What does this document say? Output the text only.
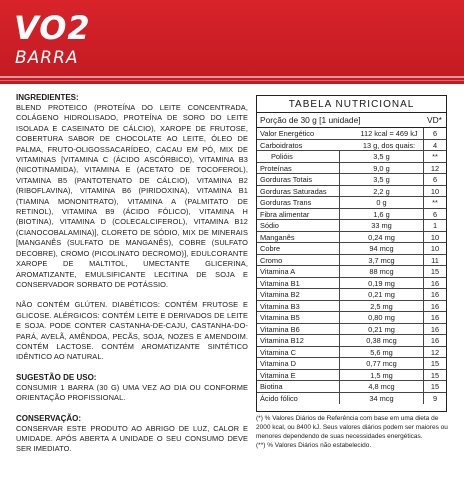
VO2
BARRA
INGREDIENTES:
BLEND PROTEICO (PROTEÍNA DO LEITE CONCENTRADA, COLÁGENO HIDROLISADO, PROTEÍNA DE SORO DO LEITE ISOLADA E CASEINATO DE CÁLCIO), XAROPE DE FRUTOSE, COBERTURA SABOR DE CHOCOLATE AO LEITE, ÓLEO DE PALMA, FRUTO-OLIGOSSACARÍDEO, CACAU EM PÓ, MIX DE VITAMINAS [VITAMINA C (ÁCIDO ASCÓRBICO), VITAMINA B3 (NICOTINAMIDA), VITAMINA E (ACETATO DE TOCOFEROL), VITAMINA B5 (PANTOTENATO DE CÁLCIO), VITAMINA B2 (RIBOFLAVINA), VITAMINA B6 (PIRIDOXINA), VITAMINA B1 (TIAMINA MONONITRATO), VITAMINA A (PALMITATO DE RETINOL), VITAMINA B9 (ÁCIDO FÓLICO), VITAMINA H (BIOTINA), VITAMINA D (COLECALCIFEROL), VITAMINA B12 (CIANOCOBALAMINA)], CLORETO DE SÓDIO, MIX DE MINERAIS [MANGANÊS (SULFATO DE MANGANÊS), COBRE (SULFATO DECOBRE), CROMO (PICOLINATO DECROMO)], EDULCORANTE XAROPE DE MALTITOL, UMECTANTE GLICERINA, AROMATIZANTE, EMULSIFICANTE LECITINA DE SOJA E CONSERVADOR SORBATO DE POTÁSSIO.
NÃO CONTÉM GLÚTEN. DIABÉTICOS: CONTÉM FRUTOSE E GLICOSE. ALÉRGICOS: CONTÉM LEITE E DERIVADOS DE LEITE E SOJA. PODE CONTER CASTANHA-DE-CAJU, CASTANHA-DO-PARÁ, AVELÃ, AMÊNDOA, PECÃS, SOJA, NOZES E AMENDOIM. CONTÉM LACTOSE. CONTÉM AROMATIZANTE SINTÉTICO IDÊNTICO AO NATURAL.
SUGESTÃO DE USO:
CONSUMIR 1 BARRA (30 G) UMA VEZ AO DIA OU CONFORME ORIENTAÇÃO PROFISSIONAL.
CONSERVAÇÃO:
CONSERVAR ESTE PRODUTO AO ABRIGO DE LUZ, CALOR E UMIDADE. APÓS ABERTA A UNIDADE O SEU CONSUMO DEVE SER IMEDIATO.
TABELA NUTRICIONAL
Porção de 30 g [1 unidade]	VD*
Valor Energético	112 kcal = 469 kJ	6
Carboidratos	13 g, dos quais:	4
Polióis	3,5 g	**
Proteínas	9,0 g	12
Gorduras Totais	3,5 g	6
Gorduras Saturadas	2,2 g	10
Gorduras Trans	0 g	**
Fibra alimentar	1,6 g	6
Sódio	33 mg	1
Manganês	0,24 mg	10
Cobre	94 mcg	10
Cromo	3,7 mcg	11
Vitamina A	88 mcg	15
Vitamina B1	0,19 mg	16
Vitamina B2	0,21 mg	16
Vitamina B3	2,5 mg	16
Vitamina B5	0,80 mg	16
Vitamina B6	0,21 mg	16
Vitamina B12	0,38 mcg	16
Vitamina C	5,6 mg	12
Vitamina D	0,77 mcg	15
Vitamina E	1,5 mg	15
Biotina	4,8 mcg	15
Ácido fólico	34 mcg	9
(*) % Valores Diários de Referência com base em uma dieta de 2000 kcal, ou 8400 kJ. Seus valores diários podem ser maiores ou menores dependendo de suas necessidades energéticas.
(**) % Valores Diários não estabelecido.
